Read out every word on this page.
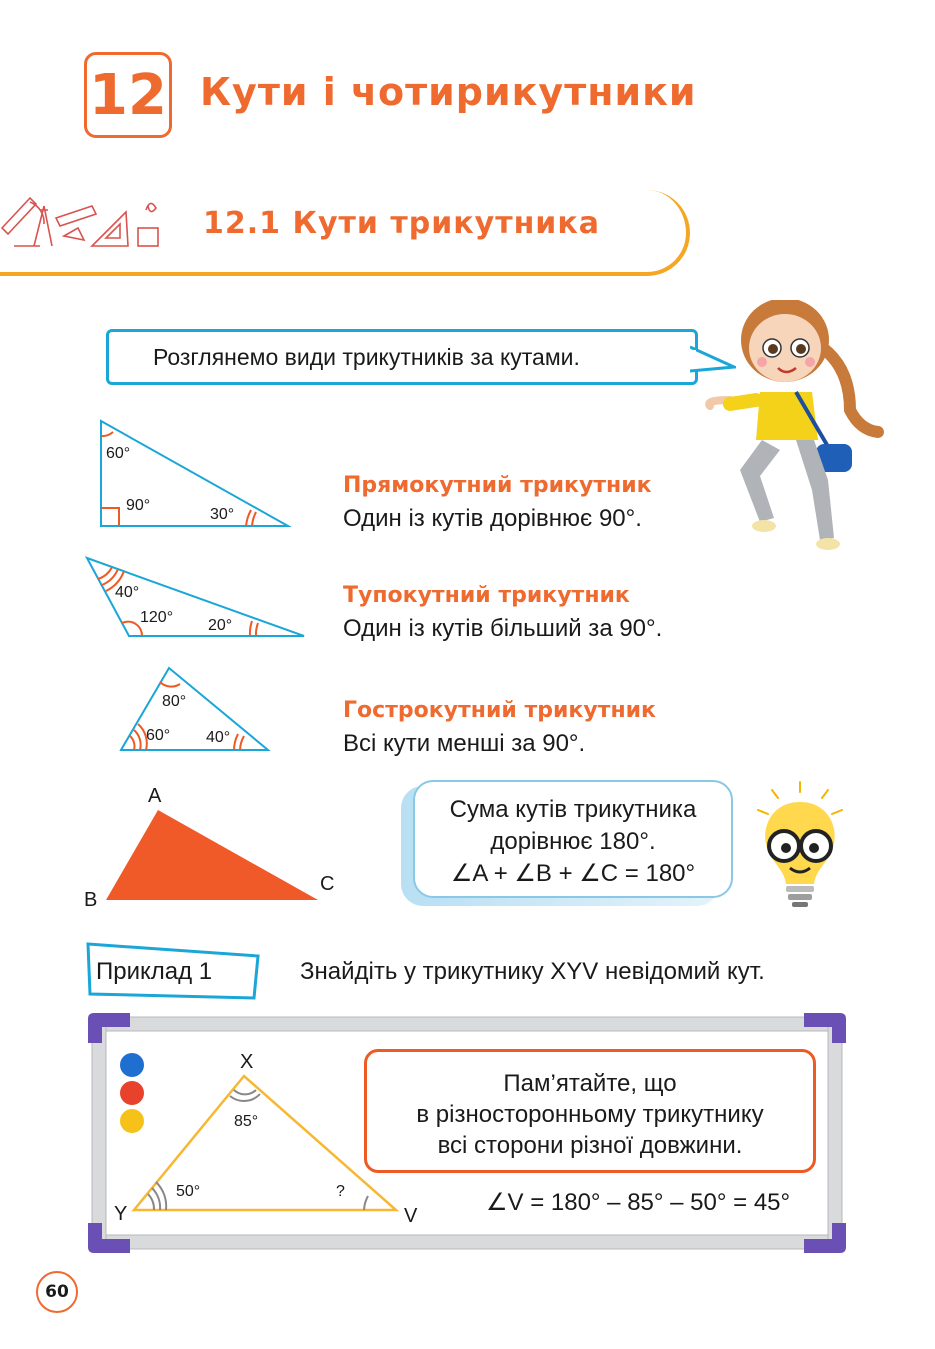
12 Кути і чотирикутники
12.1 Кути трикутника
Розглянемо види трикутників за кутами.
60°
90°
30°
Прямокутний трикутник
Один із кутів дорівнює 90°.
40°
120° 20°
Тупокутний трикутник
Один із кутів більший за 90°.
80°
60° 40°
Гострокутний трикутник
Всі кути менші за 90°.
A
B
C
Сума кутів трикутника
дорівнює 180°.
∠A + ∠B + ∠C = 180°
Приклад 1	Знайдіть у трикутнику XYV невідомий кут.
X
Y	V
85°
50°	?
Пам’ятайте, що
в різносторонньому трикутнику
всі сторони різної довжини.
∠V = 180° – 85° – 50° = 45°
60
